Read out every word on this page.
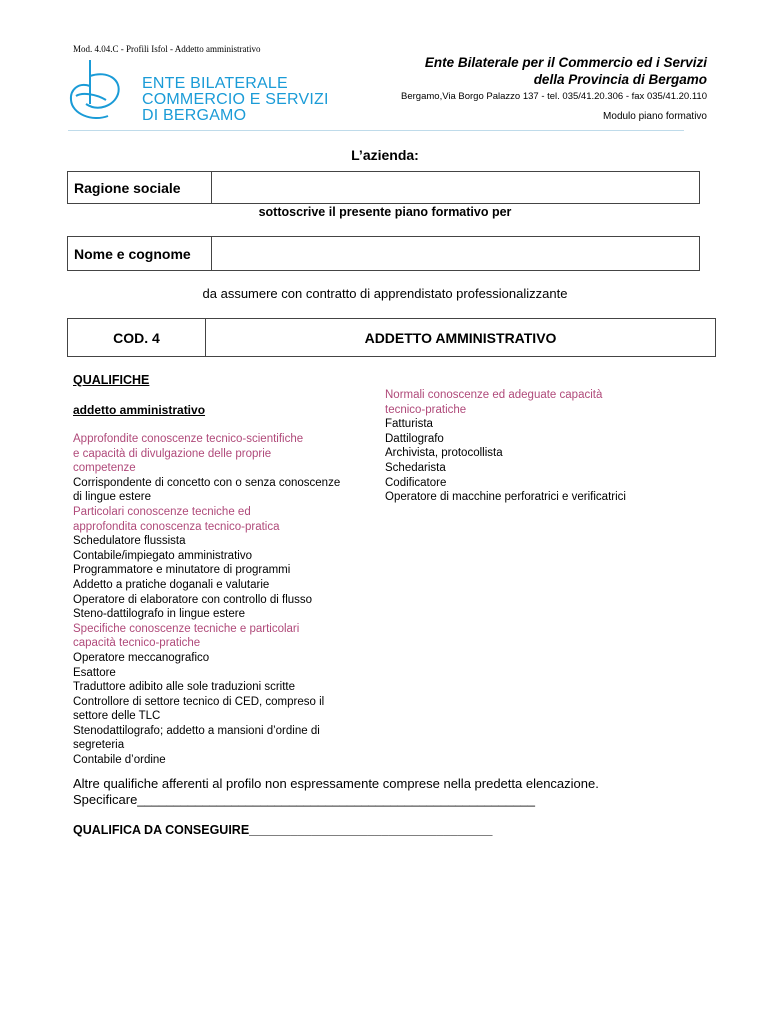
Mod. 4.04.C - Profili Isfol - Addetto amministrativo
ENTE BILATERALE
COMMERCIO E SERVIZI
DI BERGAMO
Ente Bilaterale per il Commercio ed i Servizi
della Provincia di Bergamo
Bergamo,Via Borgo Palazzo 137 - tel. 035/41.20.306 - fax 035/41.20.110
Modulo piano formativo
L’azienda:
Ragione sociale
sottoscrive il presente piano formativo per
Nome e cognome
da assumere con contratto di apprendistato professionalizzante
COD. 4	ADDETTO AMMINISTRATIVO
QUALIFICHE
addetto amministrativo
Approfondite conoscenze tecnico-scientifiche
e capacità di divulgazione delle proprie
competenze
Corrispondente di concetto con o senza conoscenze
di lingue estere
Particolari conoscenze tecniche ed
approfondita conoscenza tecnico-pratica
Schedulatore flussista
Contabile/impiegato amministrativo
Programmatore e minutatore di programmi
Addetto a pratiche doganali e valutarie
Operatore di elaboratore con controllo di flusso
Steno-dattilografo in lingue estere
Specifiche conoscenze tecniche e particolari
capacità tecnico-pratiche
Operatore meccanografico
Esattore
Traduttore adibito alle sole traduzioni scritte
Controllore di settore tecnico di CED, compreso il
settore delle TLC
Stenodattilografo; addetto a mansioni d’ordine di
segreteria
Contabile d’ordine
Normali conoscenze ed adeguate capacità
tecnico-pratiche
Fatturista
Dattilografo
Archivista, protocollista
Schedarista
Codificatore
Operatore di macchine perforatrici e verificatrici
Altre qualifiche afferenti al profilo non espressamente comprese nella predetta elencazione.
Specificare_______________________________________________________
QUALIFICA DA CONSEGUIRE___________________________________
